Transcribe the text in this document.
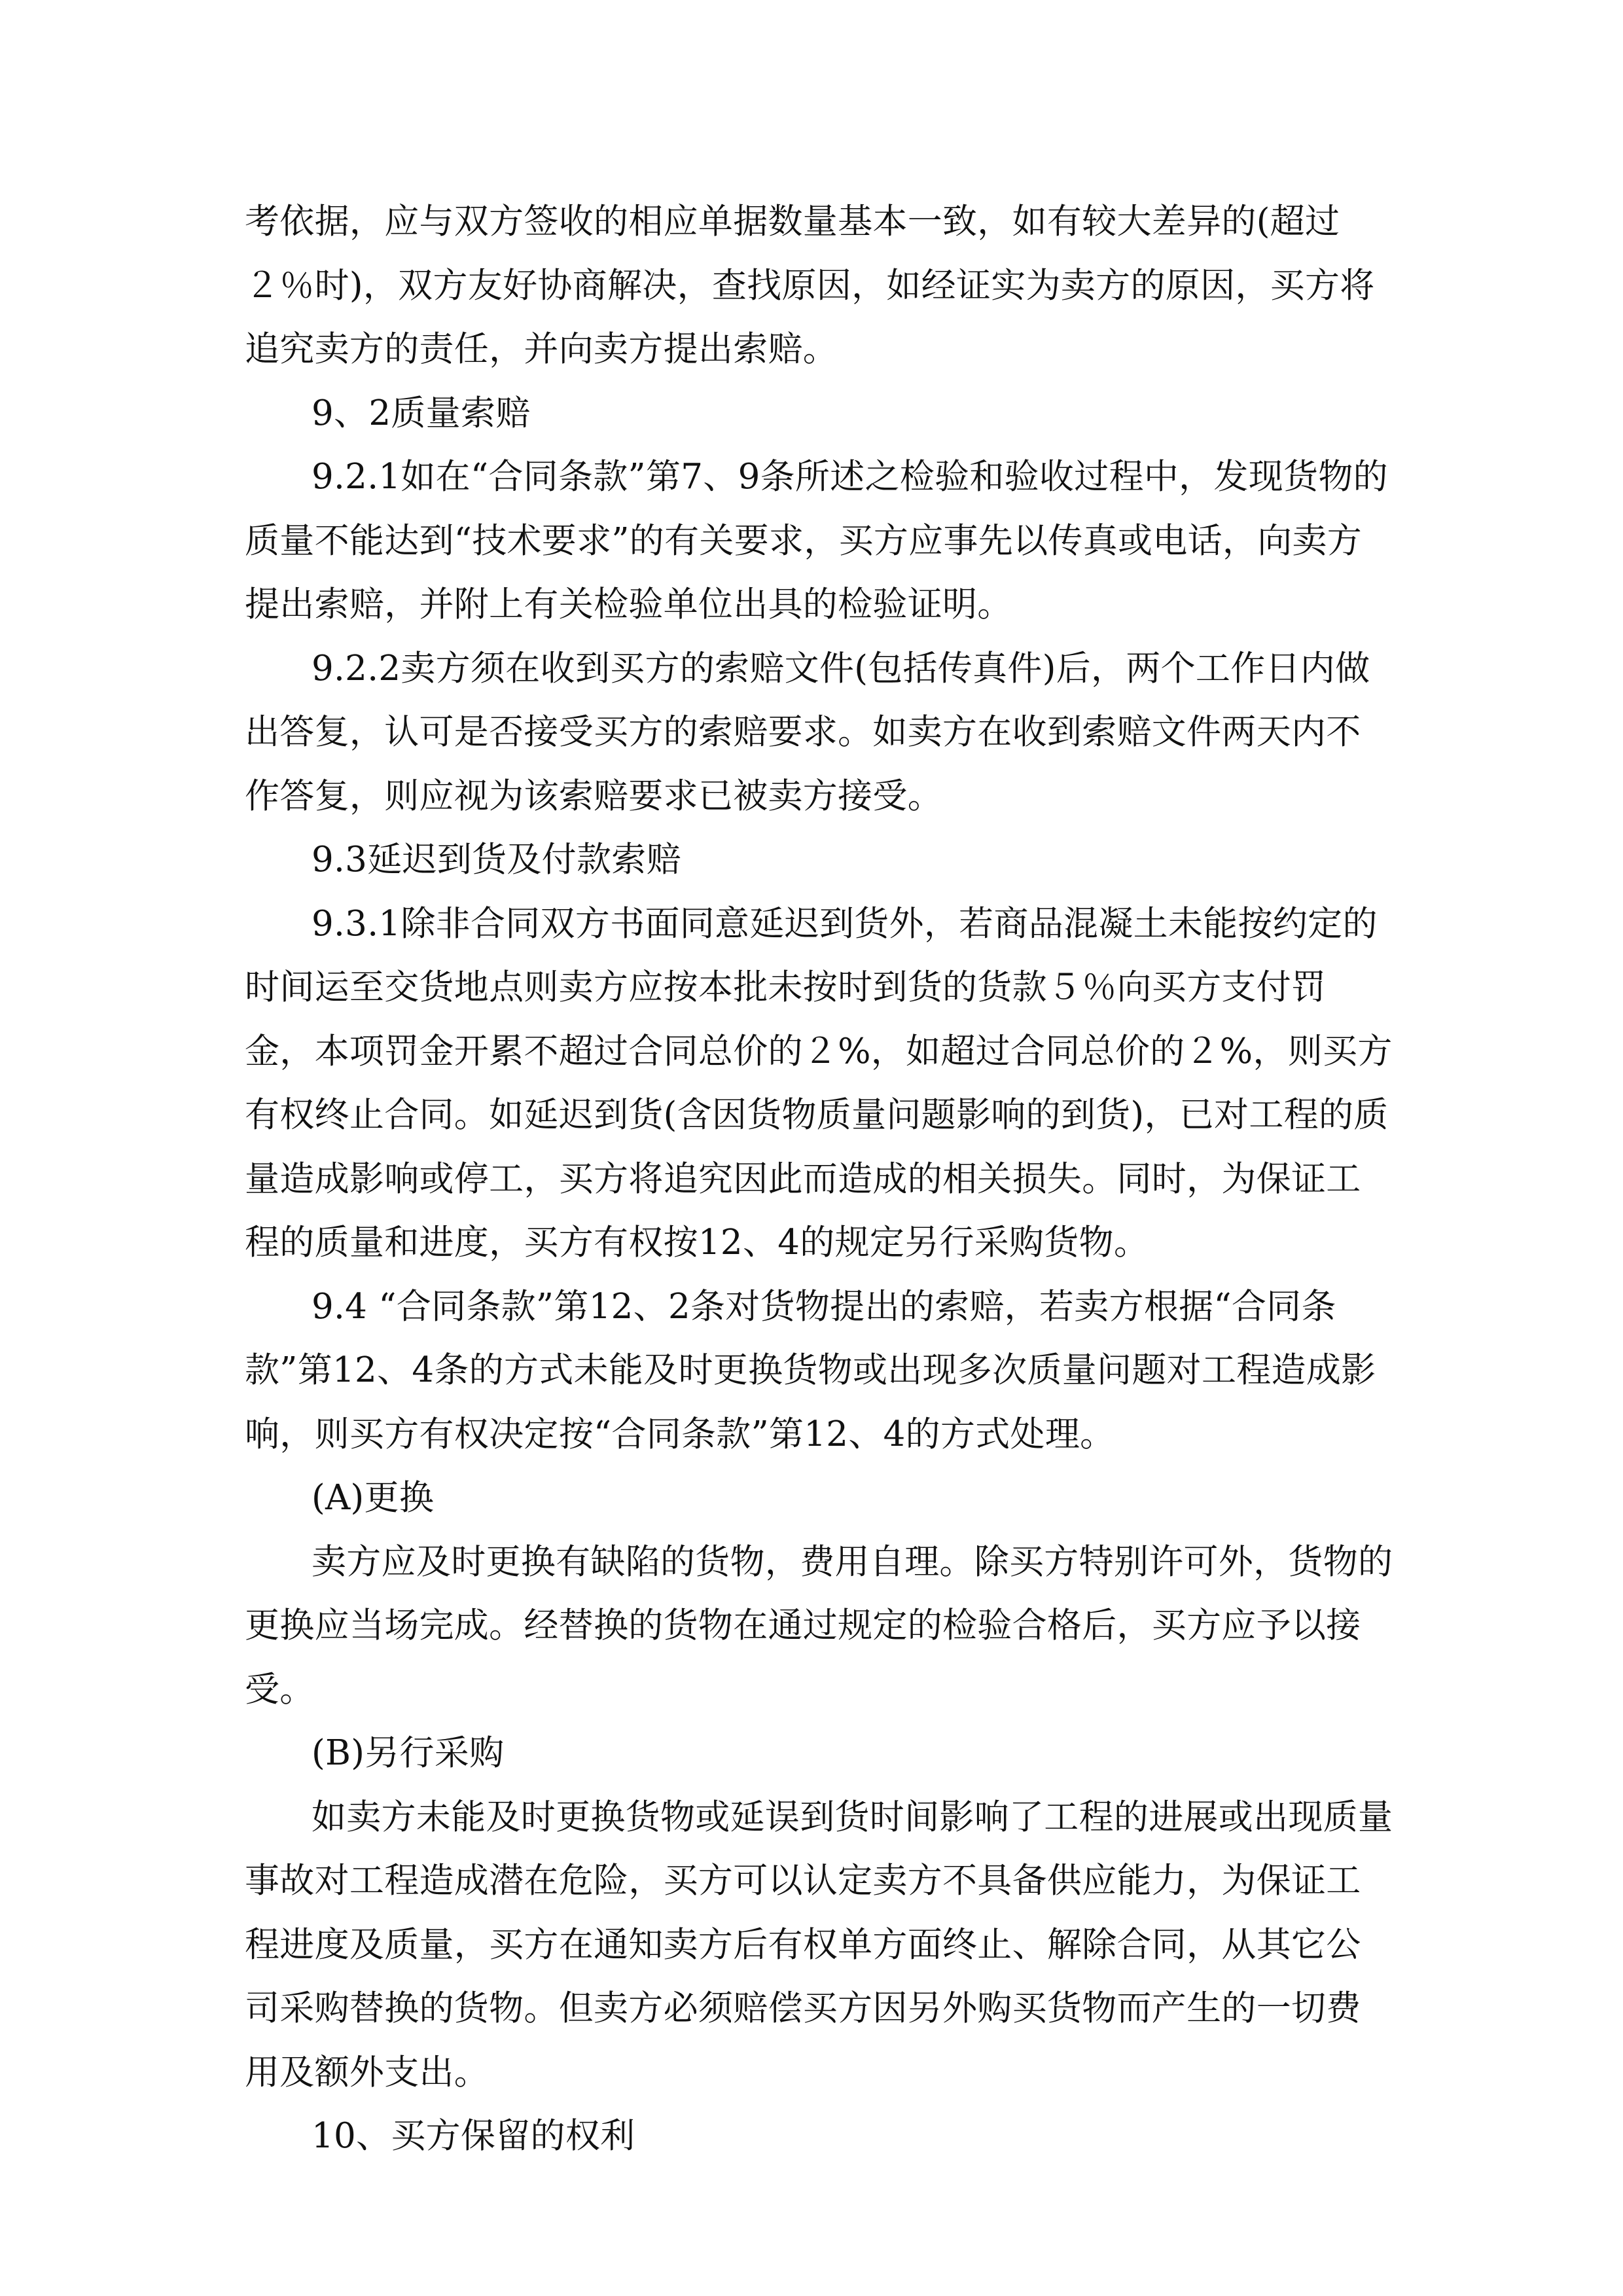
考依据，应与双方签收的相应单据数量基本一致，如有较大差异的(超过２％时)，双方友好协商解决，查找原因，如经证实为卖方的原因，买方将追究卖方的责任，并向卖方提出索赔。

9、2质量索赔

9.2.1如在“合同条款”第7、9条所述之检验和验收过程中，发现货物的质量不能达到“技术要求”的有关要求，买方应事先以传真或电话，向卖方提出索赔，并附上有关检验单位出具的检验证明。

9.2.2卖方须在收到买方的索赔文件(包括传真件)后，两个工作日内做出答复，认可是否接受买方的索赔要求。如卖方在收到索赔文件两天内不作答复，则应视为该索赔要求已被卖方接受。

9.3延迟到货及付款索赔

9.3.1除非合同双方书面同意延迟到货外，若商品混凝土未能按约定的时间运至交货地点则卖方应按本批未按时到货的货款５％向买方支付罚金，本项罚金开累不超过合同总价的２%，如超过合同总价的２%，则买方有权终止合同。如延迟到货(含因货物质量问题影响的到货)，已对工程的质量造成影响或停工，买方将追究因此而造成的相关损失。同时，为保证工程的质量和进度，买方有权按12、4的规定另行采购货物。

9.4 “合同条款”第12、2条对货物提出的索赔，若卖方根据“合同条款”第12、4条的方式未能及时更换货物或出现多次质量问题对工程造成影响，则买方有权决定按“合同条款”第12、4的方式处理。

(A)更换

卖方应及时更换有缺陷的货物，费用自理。除买方特别许可外，货物的更换应当场完成。经替换的货物在通过规定的检验合格后，买方应予以接受。

(B)另行采购

如卖方未能及时更换货物或延误到货时间影响了工程的进展或出现质量事故对工程造成潜在危险，买方可以认定卖方不具备供应能力，为保证工程进度及质量，买方在通知卖方后有权单方面终止、解除合同，从其它公司采购替换的货物。但卖方必须赔偿买方因另外购买货物而产生的一切费用及额外支出。

10、买方保留的权利
